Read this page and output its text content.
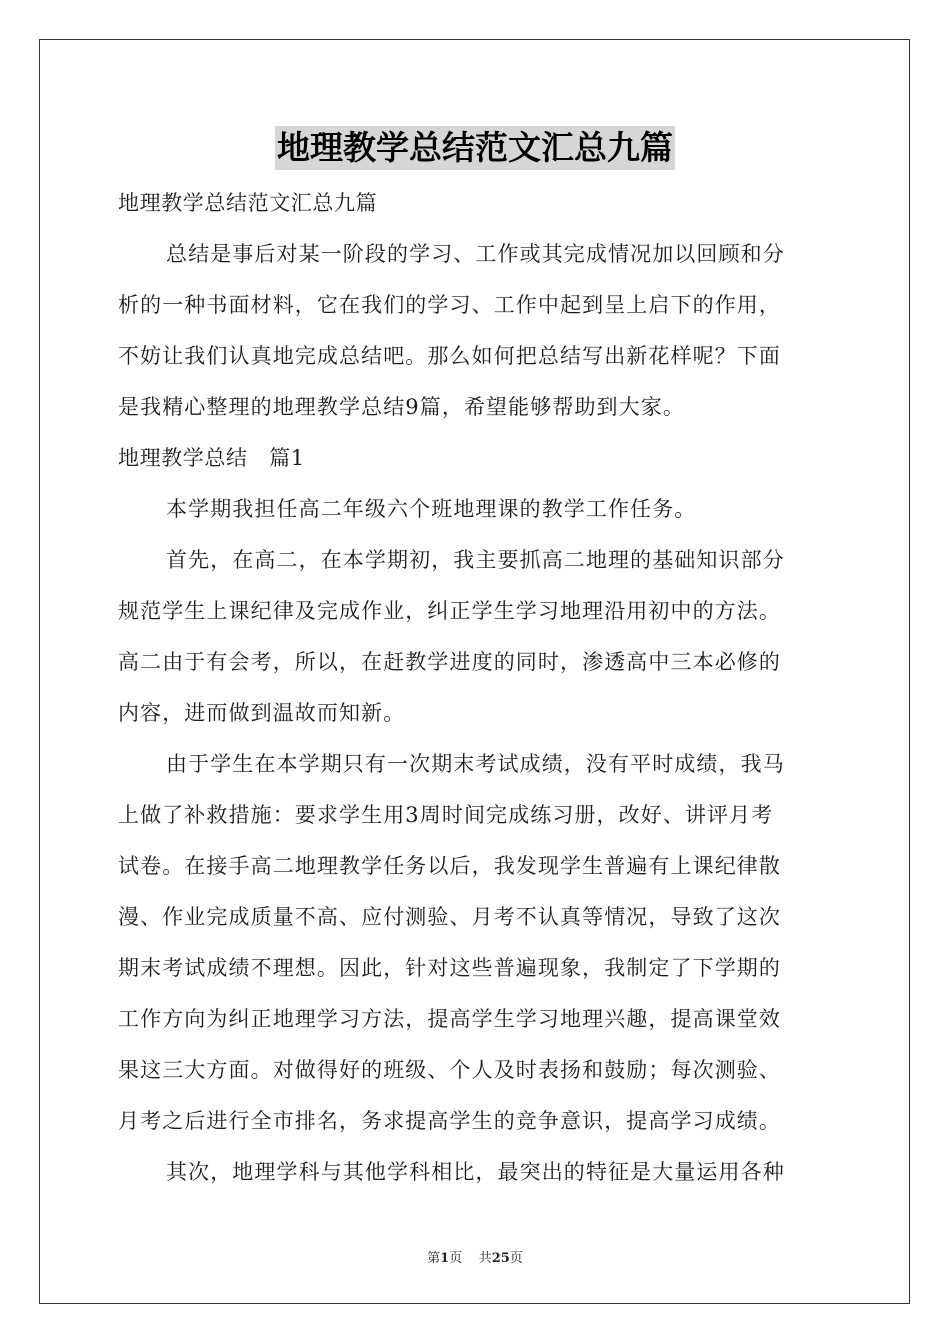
地理教学总结范文汇总九篇
地理教学总结范文汇总九篇
总结是事后对某一阶段的学习、工作或其完成情况加以回顾和分
析的一种书面材料，它在我们的学习、工作中起到呈上启下的作用，
不妨让我们认真地完成总结吧。那么如何把总结写出新花样呢？下面
是我精心整理的地理教学总结9篇，希望能够帮助到大家。
地理教学总结　篇1
本学期我担任高二年级六个班地理课的教学工作任务。
首先，在高二，在本学期初，我主要抓高二地理的基础知识部分
规范学生上课纪律及完成作业，纠正学生学习地理沿用初中的方法。
高二由于有会考，所以，在赶教学进度的同时，渗透高中三本必修的
内容，进而做到温故而知新。
由于学生在本学期只有一次期末考试成绩，没有平时成绩，我马
上做了补救措施：要求学生用3周时间完成练习册，改好、讲评月考
试卷。在接手高二地理教学任务以后，我发现学生普遍有上课纪律散
漫、作业完成质量不高、应付测验、月考不认真等情况，导致了这次
期末考试成绩不理想。因此，针对这些普遍现象，我制定了下学期的
工作方向为纠正地理学习方法，提高学生学习地理兴趣，提高课堂效
果这三大方面。对做得好的班级、个人及时表扬和鼓励；每次测验、
月考之后进行全市排名，务求提高学生的竞争意识，提高学习成绩。
其次，地理学科与其他学科相比，最突出的特征是大量运用各种
第1页 共25页
